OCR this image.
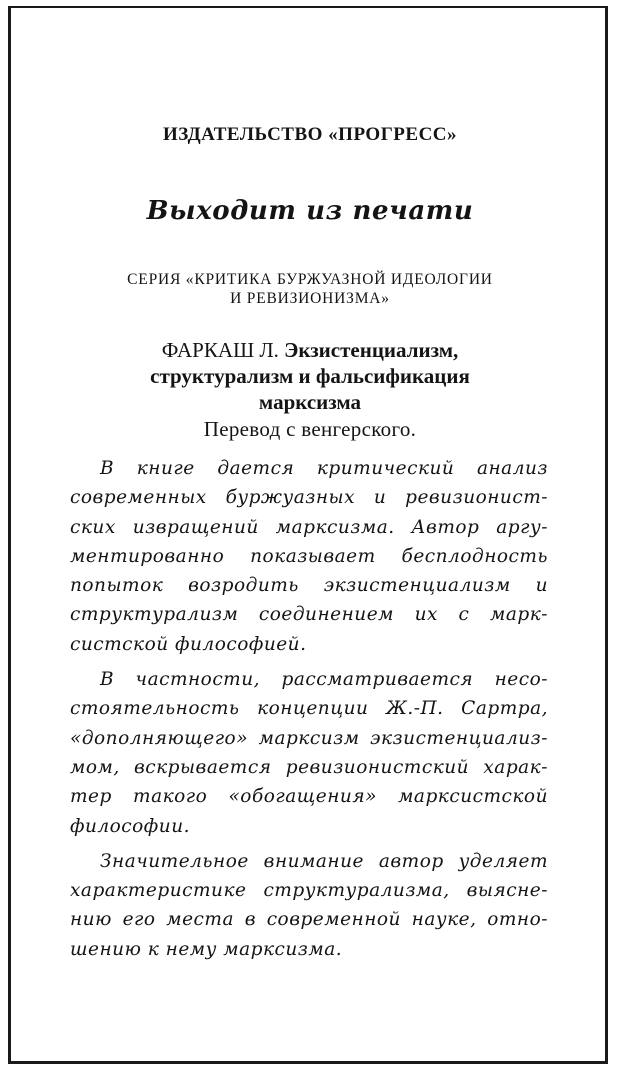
ИЗДАТЕЛЬСТВО «ПРОГРЕСС»
Выходит из печати
СЕРИЯ «КРИТИКА БУРЖУАЗНОЙ ИДЕОЛОГИИ
И РЕВИЗИОНИЗМА»
ФАРКАШ Л. Экзистенциализм,
структурализм и фальсификация
марксизма
Перевод с венгерского.
В книге дается критический анализ
современных буржуазных и ревизионист-
ских извращений марксизма. Автор аргу-
ментированно показывает бесплодность
попыток возродить экзистенциализм и
структурализм соединением их с марк-
систской философией.
В частности, рассматривается несо-
стоятельность концепции Ж.-П. Сартра,
«дополняющего» марксизм экзистенциализ-
мом, вскрывается ревизионистский харак-
тер такого «обогащения» марксистской
философии.
Значительное внимание автор уделяет
характеристике структурализма, выясне-
нию его места в современной науке, отно-
шению к нему марксизма.
